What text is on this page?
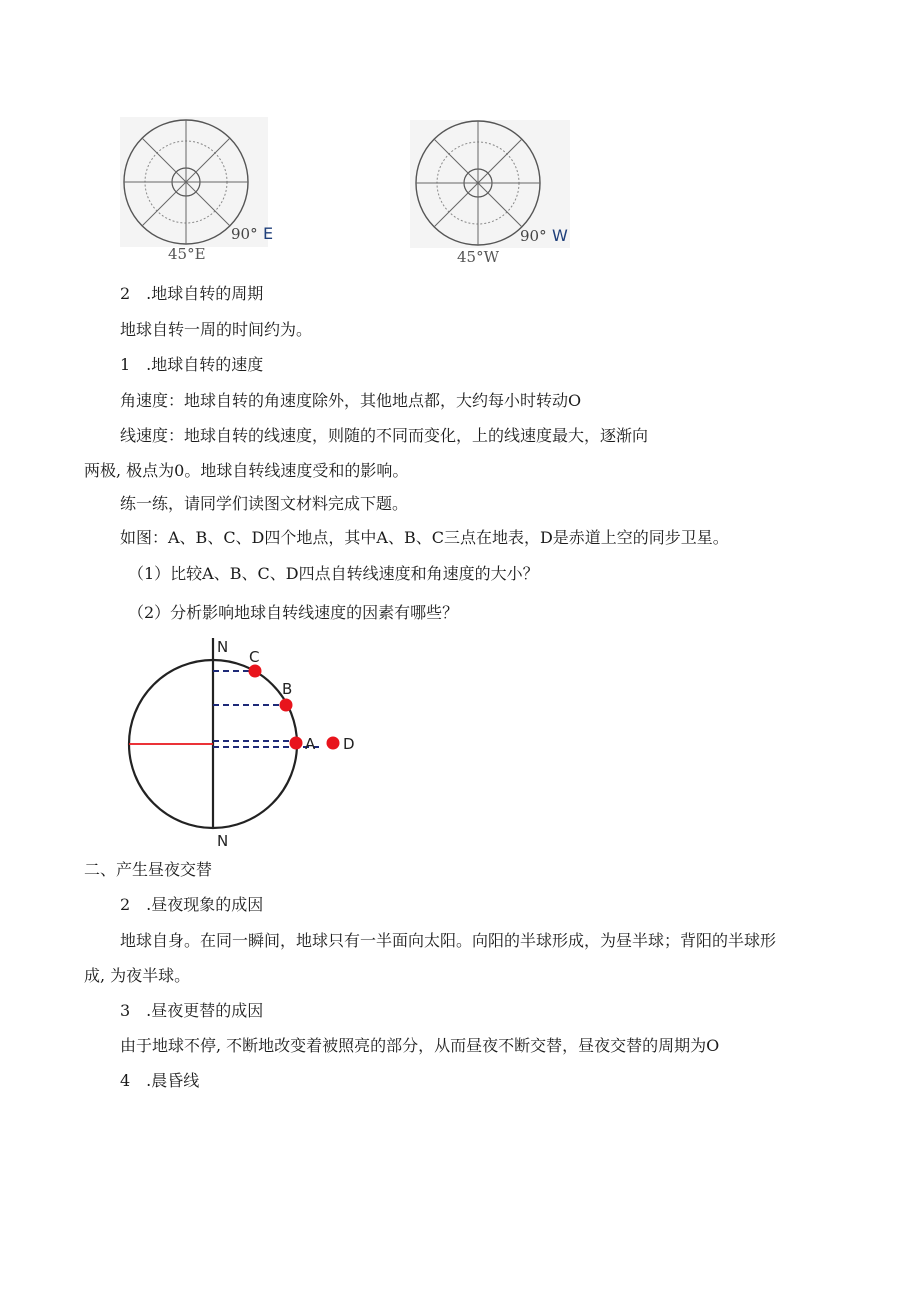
90° E
45°E
90° W
45°W
2　.地球自转的周期
地球自转一周的时间约为。
1　.地球自转的速度
角速度：地球自转的角速度除外，其他地点都，大约每小时转动O
线速度：地球自转的线速度，则随的不同而变化，上的线速度最大，逐渐向
两极, 极点为0。地球自转线速度受和的影响。
练一练，请同学们读图文材料完成下题。
如图：A、B、C、D四个地点，其中A、B、C三点在地表，D是赤道上空的同步卫星。
（1）比较A、B、C、D四点自转线速度和角速度的大小？
（2）分析影响地球自转线速度的因素有哪些？
N
N
C
B
A D
二、产生昼夜交替
2　.昼夜现象的成因
地球自身。在同一瞬间，地球只有一半面向太阳。向阳的半球形成，为昼半球；背阳的半球形
成, 为夜半球。
3　.昼夜更替的成因
由于地球不停, 不断地改变着被照亮的部分，从而昼夜不断交替，昼夜交替的周期为O
4　.晨昏线
